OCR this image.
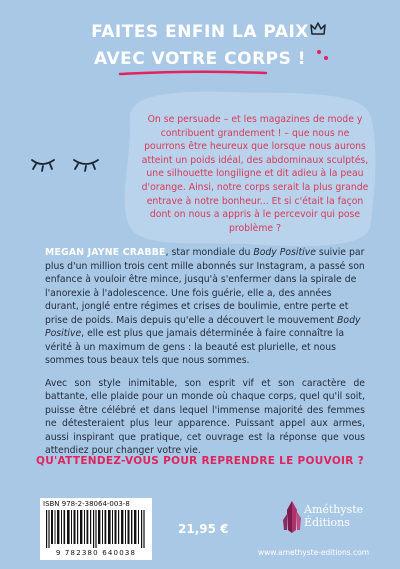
FAITES ENFIN LA PAIX
AVEC VOTRE CORPS !
On se persuade – et les magazines de mode y contribuent grandement ! – que nous ne pourrons être heureux que lorsque nous aurons atteint un poids idéal, des abdominaux sculptés, une silhouette longiligne et dit adieu à la peau d'orange. Ainsi, notre corps serait la plus grande entrave à notre bonheur... Et si c'était la façon dont on nous a appris à le percevoir qui pose problème ?

MEGAN JAYNE CRABBE, star mondiale du Body Positive suivie par plus d'un million trois cent mille abonnés sur Instagram, a passé son enfance à vouloir être mince, jusqu'à s'enfermer dans la spirale de l'anorexie à l'adolescence. Une fois guérie, elle a, des années durant, jonglé entre régimes et crises de boulimie, entre perte et prise de poids. Mais depuis qu'elle a découvert le mouvement Body Positive, elle est plus que jamais déterminée à faire connaître la vérité à un maximum de gens : la beauté est plurielle, et nous sommes tous beaux tels que nous sommes.

Avec son style inimitable, son esprit vif et son caractère de battante, elle plaide pour un monde où chaque corps, quel qu'il soit, puisse être célébré et dans lequel l'immense majorité des femmes ne détesteraient plus leur apparence. Puissant appel aux armes, aussi inspirant que pratique, cet ouvrage est la réponse que vous attendiez pour changer votre vie.

QU'ATTENDEZ-VOUS POUR REPRENDRE LE POUVOIR ?
ISBN 978-2-38064-003-8
9 782380 640038
21,95 €
Améthyste
Éditions
www.amethyste-editions.com
